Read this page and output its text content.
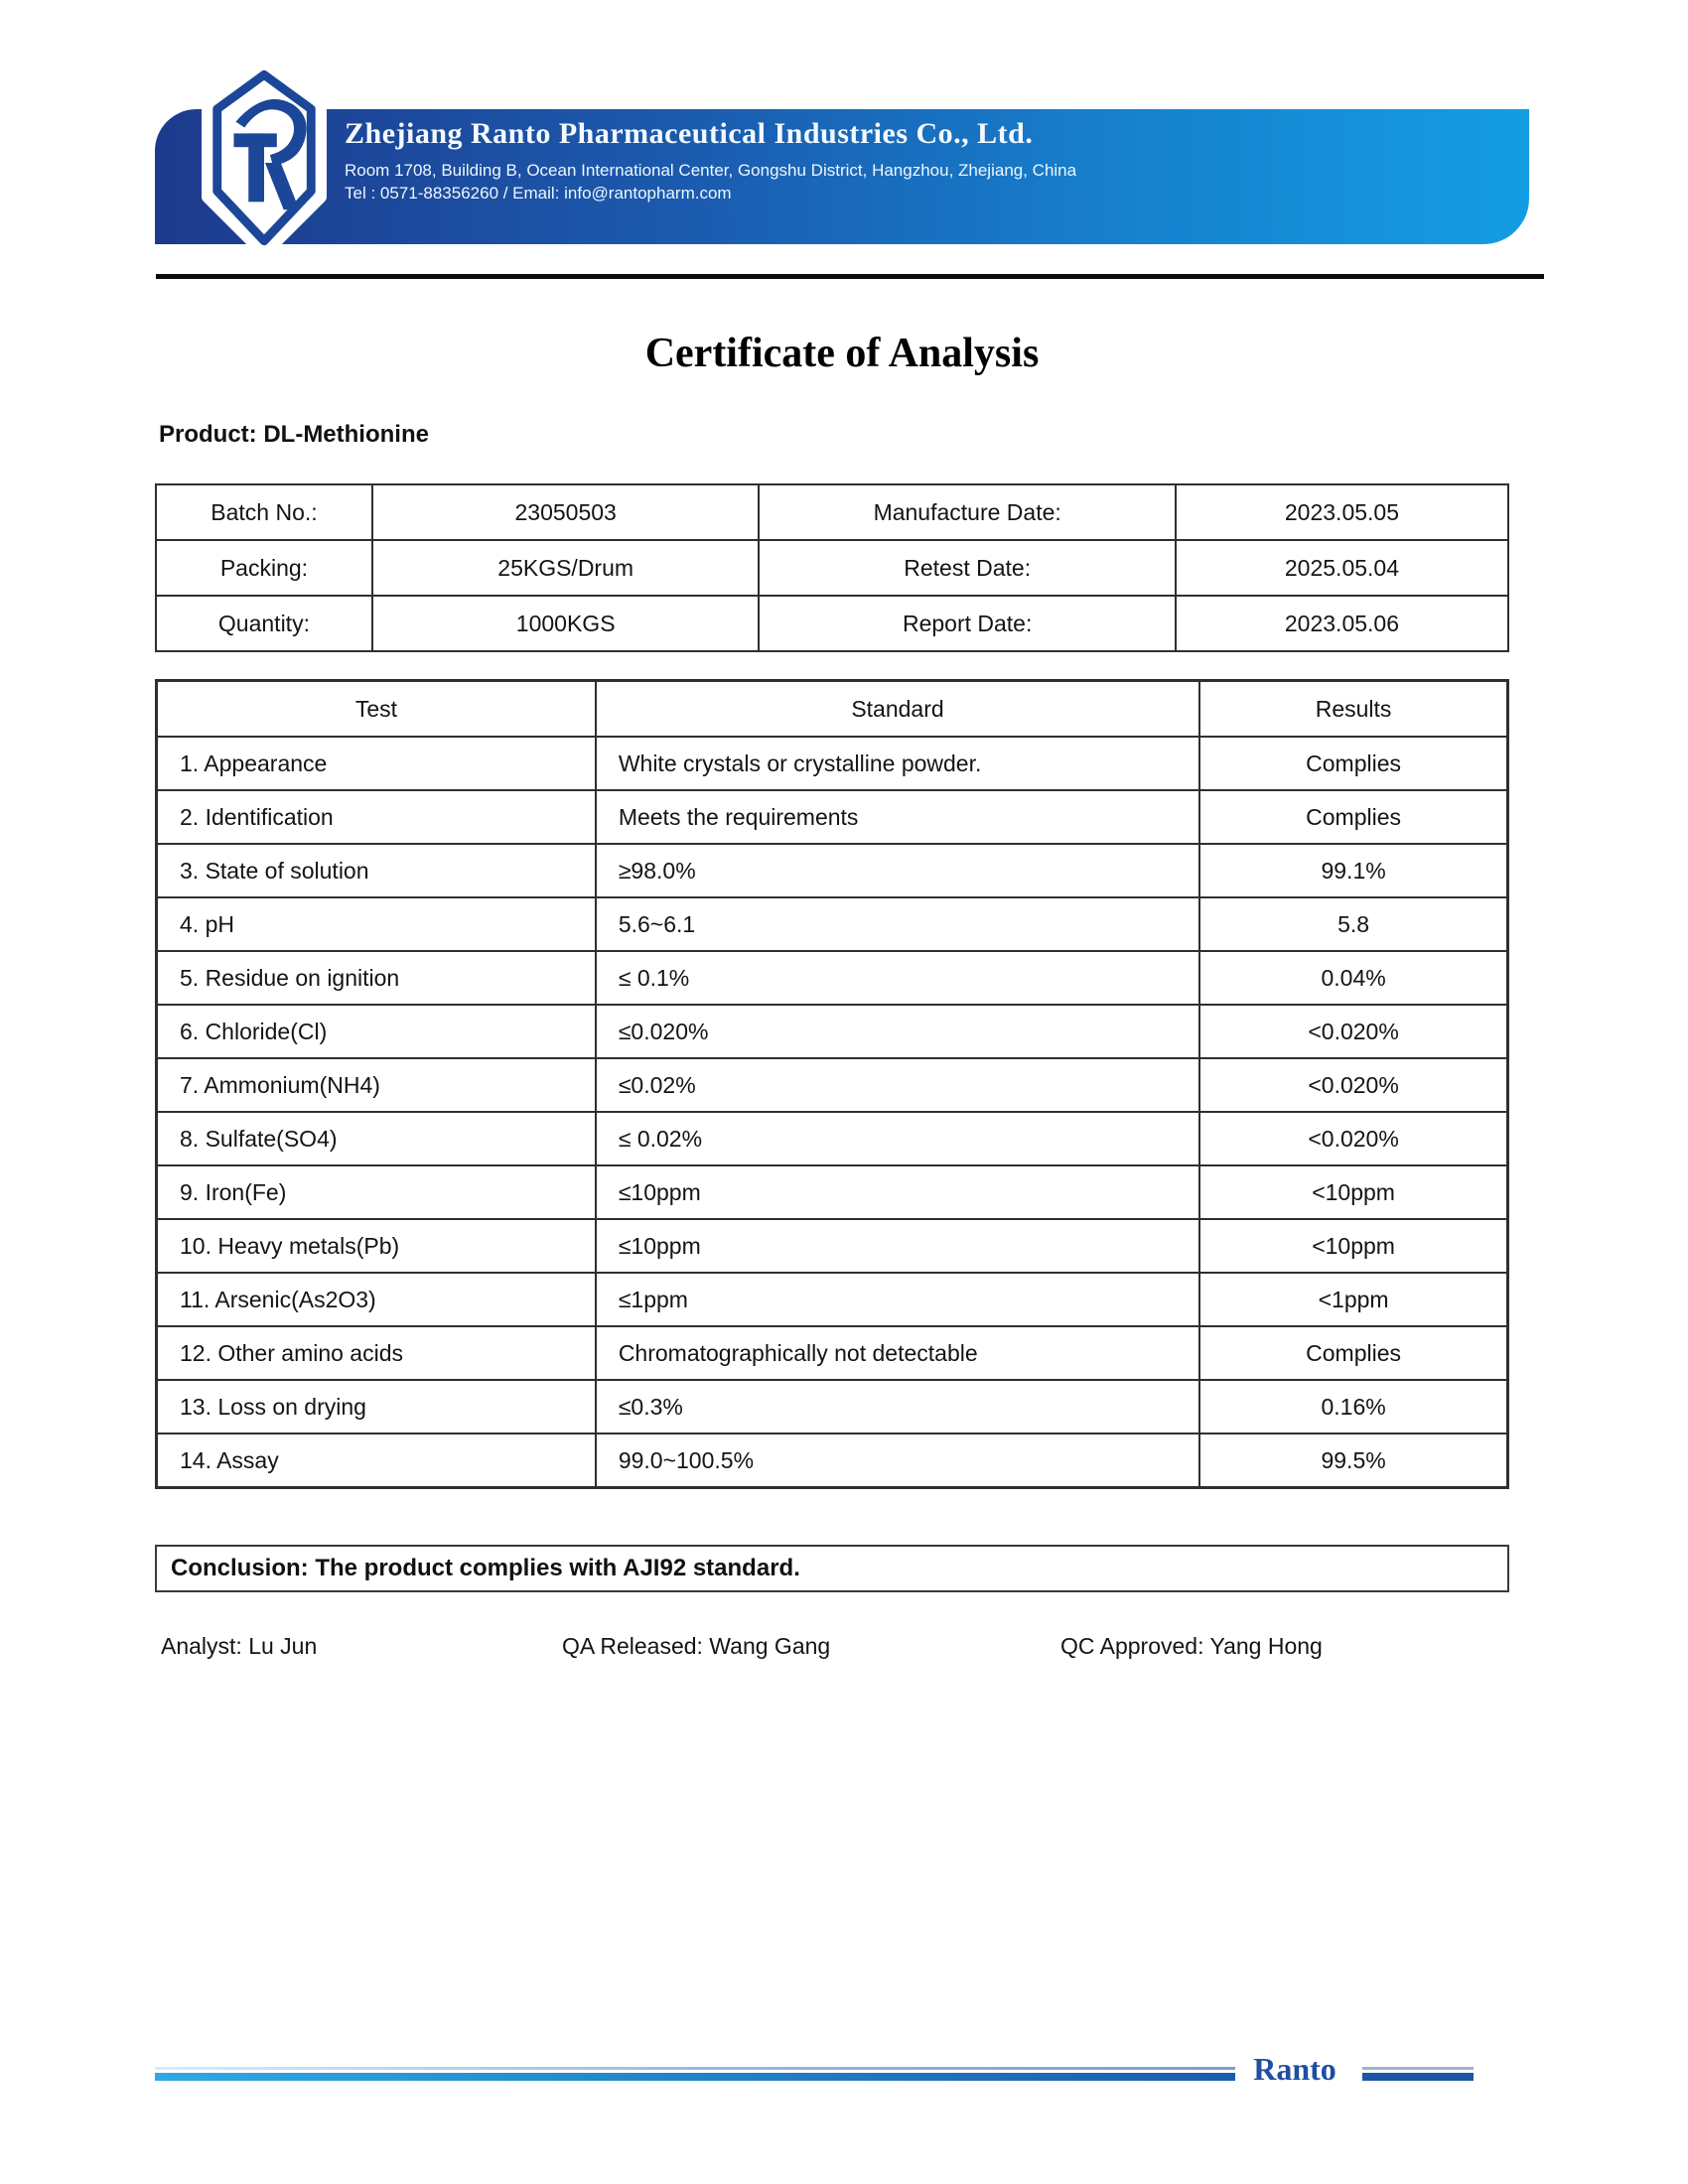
Zhejiang Ranto Pharmaceutical Industries Co., Ltd.

Room 1708, Building B, Ocean International Center, Gongshu District, Hangzhou, Zhejiang, China

Tel : 0571-88356260 / Email: info@rantopharm.com

Certificate of Analysis
Product: DL-Methionine
Batch No.:	23050503	Manufacture Date:	2023.05.05
Packing:	25KGS/Drum	Retest Date:	2025.05.04
Quantity:	1000KGS	Report Date:	2023.05.06
Test	Standard	Results
1. Appearance	White crystals or crystalline powder.	Complies
2. Identification	Meets the requirements	Complies
3. State of solution	≥98.0%	99.1%
4. pH	5.6~6.1	5.8
5. Residue on ignition	≤ 0.1%	0.04%
6. Chloride(Cl)	≤0.020%	<0.020%
7. Ammonium(NH4)	≤0.02%	<0.020%
8. Sulfate(SO4)	≤ 0.02%	<0.020%
9. Iron(Fe)	≤10ppm	<10ppm
10. Heavy metals(Pb)	≤10ppm	<10ppm
11. Arsenic(As2O3)	≤1ppm	<1ppm
12. Other amino acids	Chromatographically not detectable	Complies
13. Loss on drying	≤0.3%	0.16%
14. Assay	99.0~100.5%	99.5%
Conclusion: The product complies with AJI92 standard.
Analyst: Lu Jun	QA Released: Wang Gang	QC Approved: Yang Hong
Ranto
